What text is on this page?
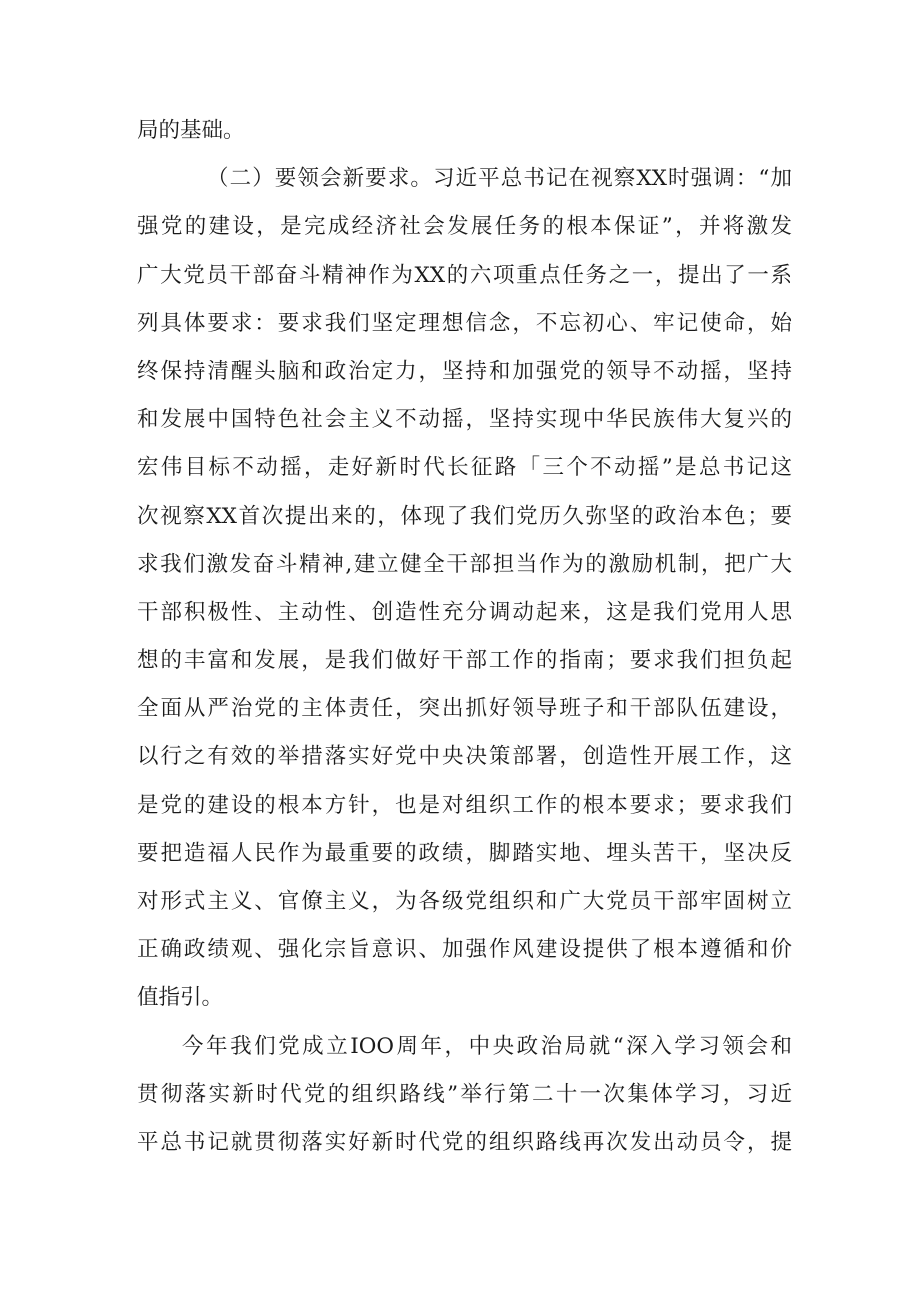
局的基础。
（二）要领会新要求。习近平总书记在视察XX时强调：“加
强党的建设，是完成经济社会发展任务的根本保证”，并将激发
广大党员干部奋斗精神作为XX的六项重点任务之一，提出了一系
列具体要求：要求我们坚定理想信念，不忘初心、牢记使命，始
终保持清醒头脑和政治定力，坚持和加强党的领导不动摇，坚持
和发展中国特色社会主义不动摇，坚持实现中华民族伟大复兴的
宏伟目标不动摇，走好新时代长征路「三个不动摇”是总书记这
次视察XX首次提出来的，体现了我们党历久弥坚的政治本色；要
求我们激发奋斗精神,建立健全干部担当作为的激励机制，把广大
干部积极性、主动性、创造性充分调动起来，这是我们党用人思
想的丰富和发展，是我们做好干部工作的指南；要求我们担负起
全面从严治党的主体责任，突出抓好领导班子和干部队伍建设，
以行之有效的举措落实好党中央决策部署，创造性开展工作，这
是党的建设的根本方针，也是对组织工作的根本要求；要求我们
要把造福人民作为最重要的政绩，脚踏实地、埋头苦干，坚决反
对形式主义、官僚主义，为各级党组织和广大党员干部牢固树立
正确政绩观、强化宗旨意识、加强作风建设提供了根本遵循和价
值指引。
今年我们党成立IOO周年，中央政治局就“深入学习领会和
贯彻落实新时代党的组织路线”举行第二十一次集体学习，习近
平总书记就贯彻落实好新时代党的组织路线再次发出动员令，提
